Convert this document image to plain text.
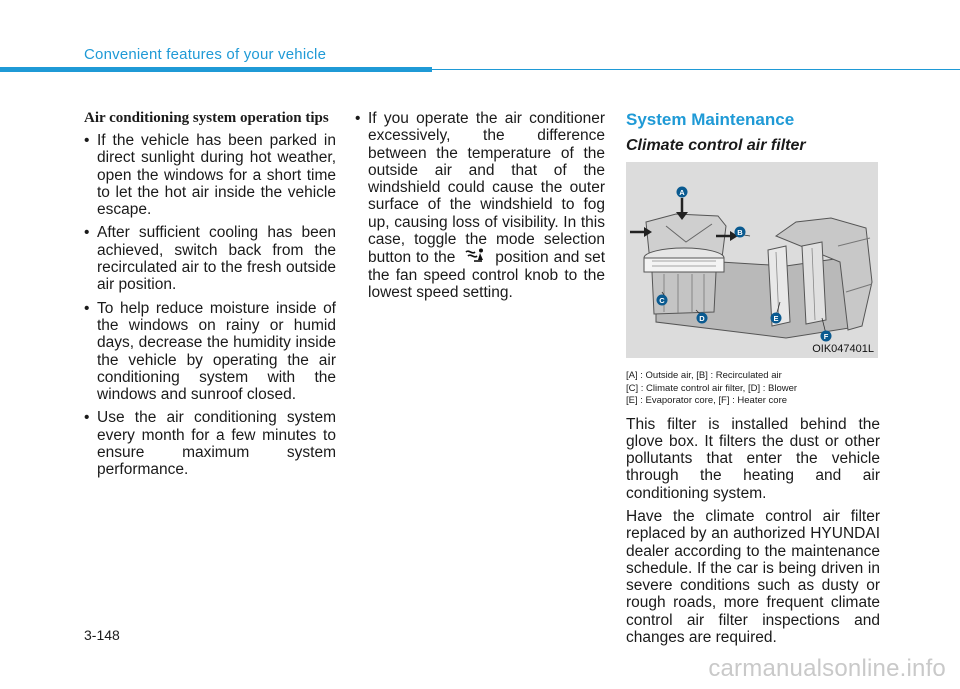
Convenient features of your vehicle
Air conditioning system operation tips
• If the vehicle has been parked in direct sunlight during hot weather, open the windows for a short time to let the hot air inside the vehicle escape.
• After sufficient cooling has been achieved, switch back from the recirculated air to the fresh outside air position.
• To help reduce moisture inside of the windows on rainy or humid days, decrease the humidity inside the vehicle by operating the air conditioning system with the windows and sunroof closed.
• Use the air conditioning system every month for a few minutes to ensure maximum system performance.
• If you operate the air conditioner excessively, the difference between the temperature of the outside air and that of the windshield could cause the outer surface of the windshield to fog up, causing loss of visibility. In this case, toggle the mode selection button to the	position and set the fan speed control knob to the lowest speed setting.
System Maintenance
Climate control air filter
A
B
C
D	E
F
OIK047401L
[A] : Outside air, [B] : Recirculated air
[C] : Climate control air filter, [D] : Blower
[E] : Evaporator core, [F] : Heater core

This filter is installed behind the glove box. It filters the dust or other pollutants that enter the vehicle through the heating and air conditioning system.

Have the climate control air filter replaced by an authorized HYUNDAI dealer according to the maintenance schedule. If the car is being driven in severe conditions such as dusty or rough roads, more frequent climate control air filter inspections and changes are required.

3-148
carmanualsonline.info
